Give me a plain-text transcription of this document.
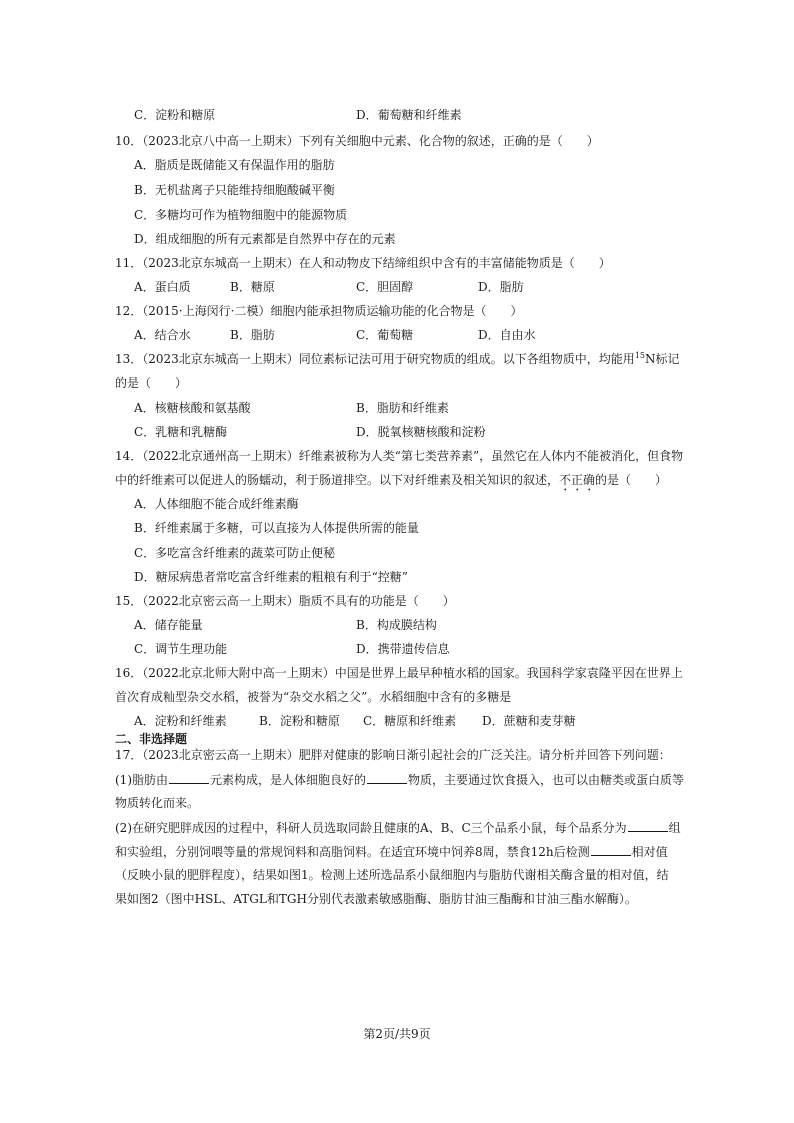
C．淀粉和糖原	D．葡萄糖和纤维素
10．（2023北京八中高一上期末）下列有关细胞中元素、化合物的叙述，正确的是（　　）
A．脂质是既储能又有保温作用的脂肪
B．无机盐离子只能维持细胞酸碱平衡
C．多糖均可作为植物细胞中的能源物质
D．组成细胞的所有元素都是自然界中存在的元素
11．（2023北京东城高一上期末）在人和动物皮下结缔组织中含有的丰富储能物质是（　　）
A．蛋白质	B．糖原	C．胆固醇	D．脂肪
12．（2015·上海闵行·二模）细胞内能承担物质运输功能的化合物是（　　）
A．结合水	B．脂肪	C．葡萄糖	D．自由水
13．（2023北京东城高一上期末）同位素标记法可用于研究物质的组成。以下各组物质中，均能用$^{15}$N标记
的是（　　）
A．核糖核酸和氨基酸	B．脂肪和纤维素
C．乳糖和乳糖酶	D．脱氧核糖核酸和淀粉
14．（2022北京通州高一上期末）纤维素被称为人类“第七类营养素”，虽然它在人体内不能被消化，但食物
中的纤维素可以促进人的肠蠕动，利于肠道排空。以下对纤维素及相关知识的叙述，不正确的是（　　）
A．人体细胞不能合成纤维素酶
B．纤维素属于多糖，可以直接为人体提供所需的能量
C．多吃富含纤维素的蔬菜可防止便秘
D．糖尿病患者常吃富含纤维素的粗粮有利于“控糖”
15．（2022北京密云高一上期末）脂质不具有的功能是（　　）
A．储存能量	B．构成膜结构
C．调节生理功能	D．携带遗传信息
16．（2022北京北师大附中高一上期末）中国是世界上最早种植水稻的国家。我国科学家袁隆平因在世界上
首次育成籼型杂交水稻，被誉为“杂交水稻之父”。水稻细胞中含有的多糖是
A．淀粉和纤维素	B．淀粉和糖原 C．糖原和纤维素 D．蔗糖和麦芽糖
二、非选择题
17．（2023北京密云高一上期末）肥胖对健康的影响日渐引起社会的广泛关注。请分析并回答下列问题：
(1)脂肪由	元素构成，是人体细胞良好的	物质，主要通过饮食摄入，也可以由糖类或蛋白质等
物质转化而来。
(2)在研究肥胖成因的过程中，科研人员选取同龄且健康的A、B、C三个品系小鼠，每个品系分为	组
和实验组，分别饲喂等量的常规饲料和高脂饲料。在适宜环境中饲养8周，禁食12h后检测	相对值
（反映小鼠的肥胖程度），结果如图1。检测上述所选品系小鼠细胞内与脂肪代谢相关酶含量的相对值，结
果如图2（图中HSL、ATGL和TGH分别代表激素敏感脂酶、脂肪甘油三酯酶和甘油三酯水解酶）。
第2页/共9页
